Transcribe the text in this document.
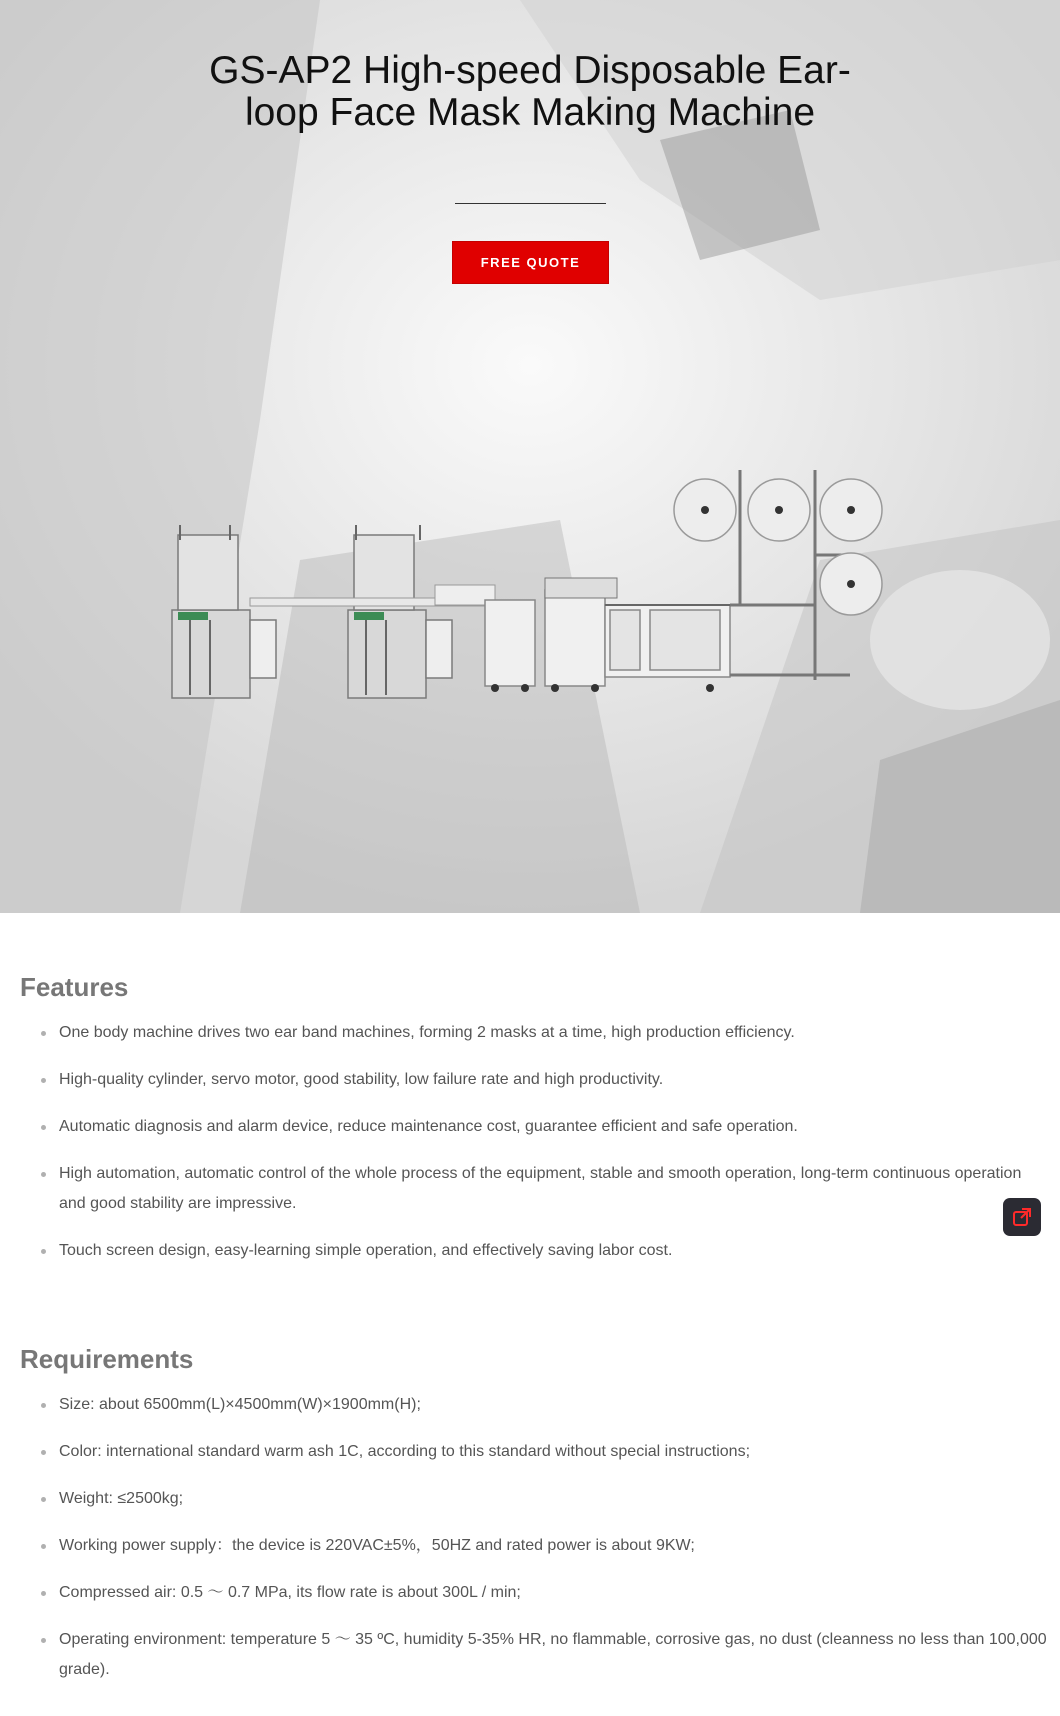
GS-AP2 High-speed Disposable Ear-loop Face Mask Making Machine
FREE QUOTE
Features
One body machine drives two ear band machines, forming 2 masks at a time, high production efficiency.
High-quality cylinder, servo motor, good stability, low failure rate and high productivity.
Automatic diagnosis and alarm device, reduce maintenance cost, guarantee efficient and safe operation.
High automation, automatic control of the whole process of the equipment, stable and smooth operation, long-term continuous operation and good stability are impressive.
Touch screen design, easy-learning simple operation, and effectively saving labor cost.
Requirements
Size: about 6500mm(L)×4500mm(W)×1900mm(H);
Color: international standard warm ash 1C, according to this standard without special instructions;
Weight: ≤2500kg;
Working power supply：the device is 220VAC±5%，50HZ and rated power is about 9KW;
Compressed air: 0.5 ～ 0.7 MPa, its flow rate is about 300L / min;
Operating environment: temperature 5 ～ 35 ºC, humidity 5-35% HR, no flammable, corrosive gas, no dust (cleanness no less than 100,000 grade).
